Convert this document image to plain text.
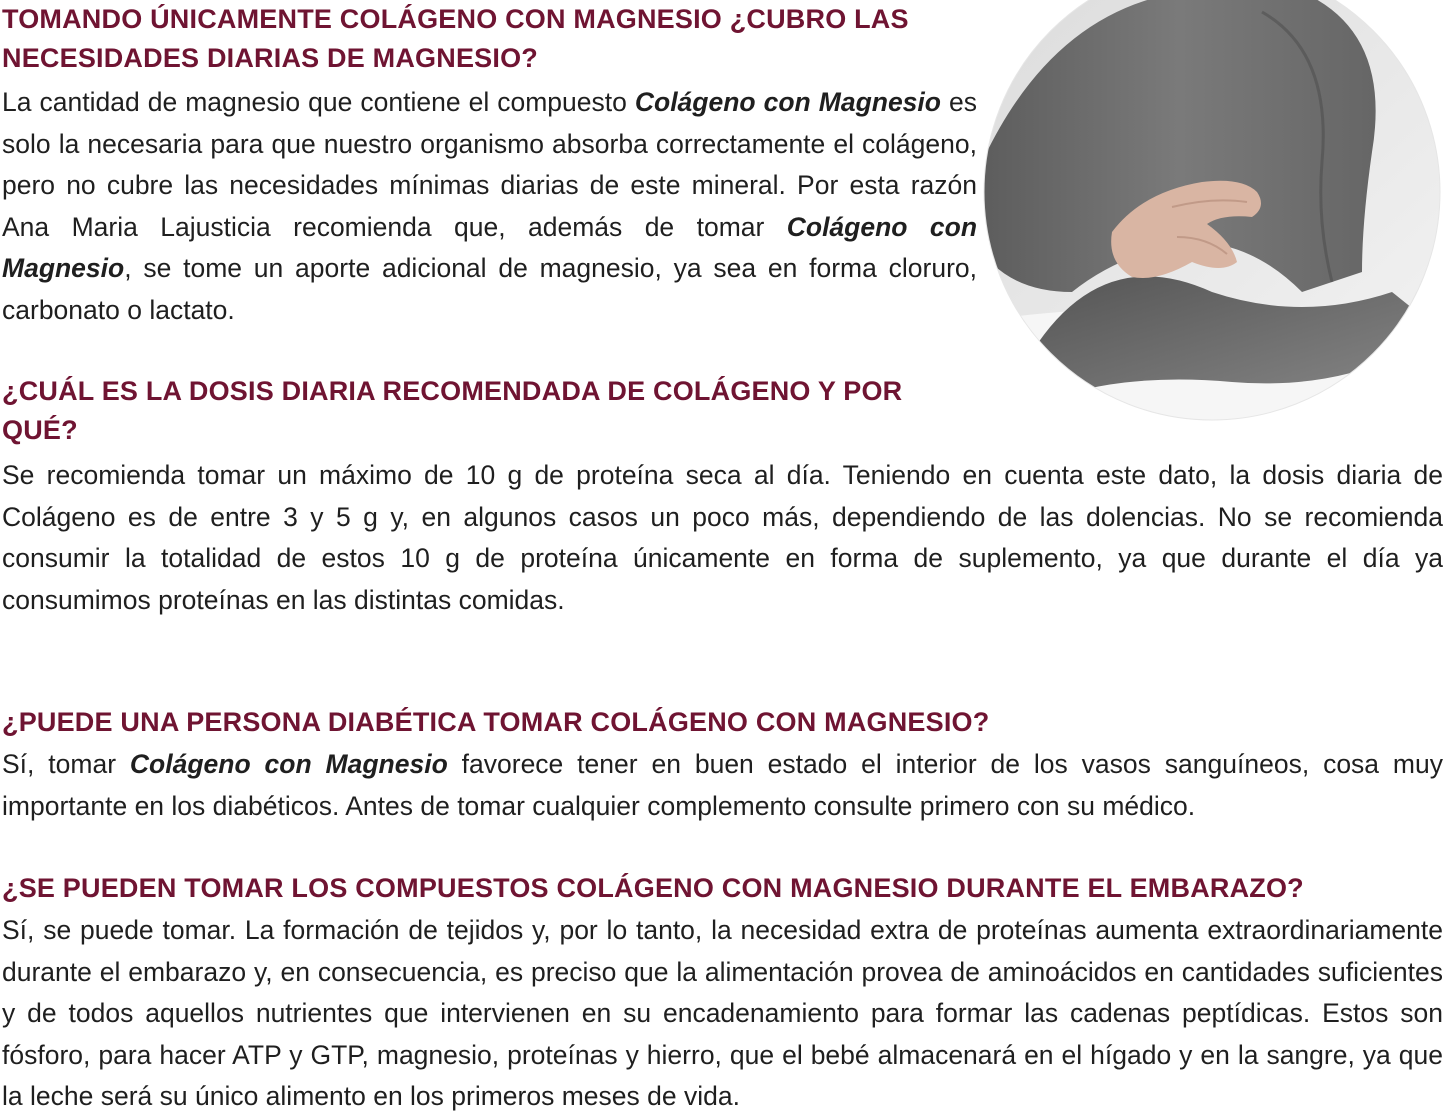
TOMANDO ÚNICAMENTE COLÁGENO CON MAGNESIO ¿CUBRO LAS NECESIDADES DIARIAS DE MAGNESIO?

La cantidad de magnesio que contiene el compuesto Colágeno con Magnesio es solo la necesaria para que nuestro organismo absorba correctamente el colágeno, pero no cubre las necesidades mínimas diarias de este mineral. Por esta razón Ana Maria Lajusticia recomienda que, además de tomar Colágeno con Magnesio, se tome un aporte adicional de magnesio, ya sea en forma cloruro, carbonato o lactato.

¿CUÁL ES LA DOSIS DIARIA RECOMENDADA DE COLÁGENO Y POR QUÉ?

Se recomienda tomar un máximo de 10 g de proteína seca al día. Teniendo en cuenta este dato, la dosis diaria de Colágeno es de entre 3 y 5 g y, en algunos casos un poco más, dependiendo de las dolencias. No se recomienda consumir la totalidad de estos 10 g de proteína únicamente en forma de suplemento, ya que durante el día ya consumimos proteínas en las distintas comidas.

¿PUEDE UNA PERSONA DIABÉTICA TOMAR COLÁGENO CON MAGNESIO?

Sí, tomar Colágeno con Magnesio favorece tener en buen estado el interior de los vasos sanguíneos, cosa muy importante en los diabéticos. Antes de tomar cualquier complemento consulte primero con su médico.

¿SE PUEDEN TOMAR LOS COMPUESTOS COLÁGENO CON MAGNESIO DURANTE EL EMBARAZO?

Sí, se puede tomar. La formación de tejidos y, por lo tanto, la necesidad extra de proteínas aumenta extraordinariamente durante el embarazo y, en consecuencia, es preciso que la alimentación provea de aminoácidos en cantidades suficientes y de todos aquellos nutrientes que intervienen en su encadenamiento para formar las cadenas peptídicas. Estos son fósforo, para hacer ATP y GTP, magnesio, proteínas y hierro, que el bebé almacenará en el hígado y en la sangre, ya que la leche será su único alimento en los primeros meses de vida.
